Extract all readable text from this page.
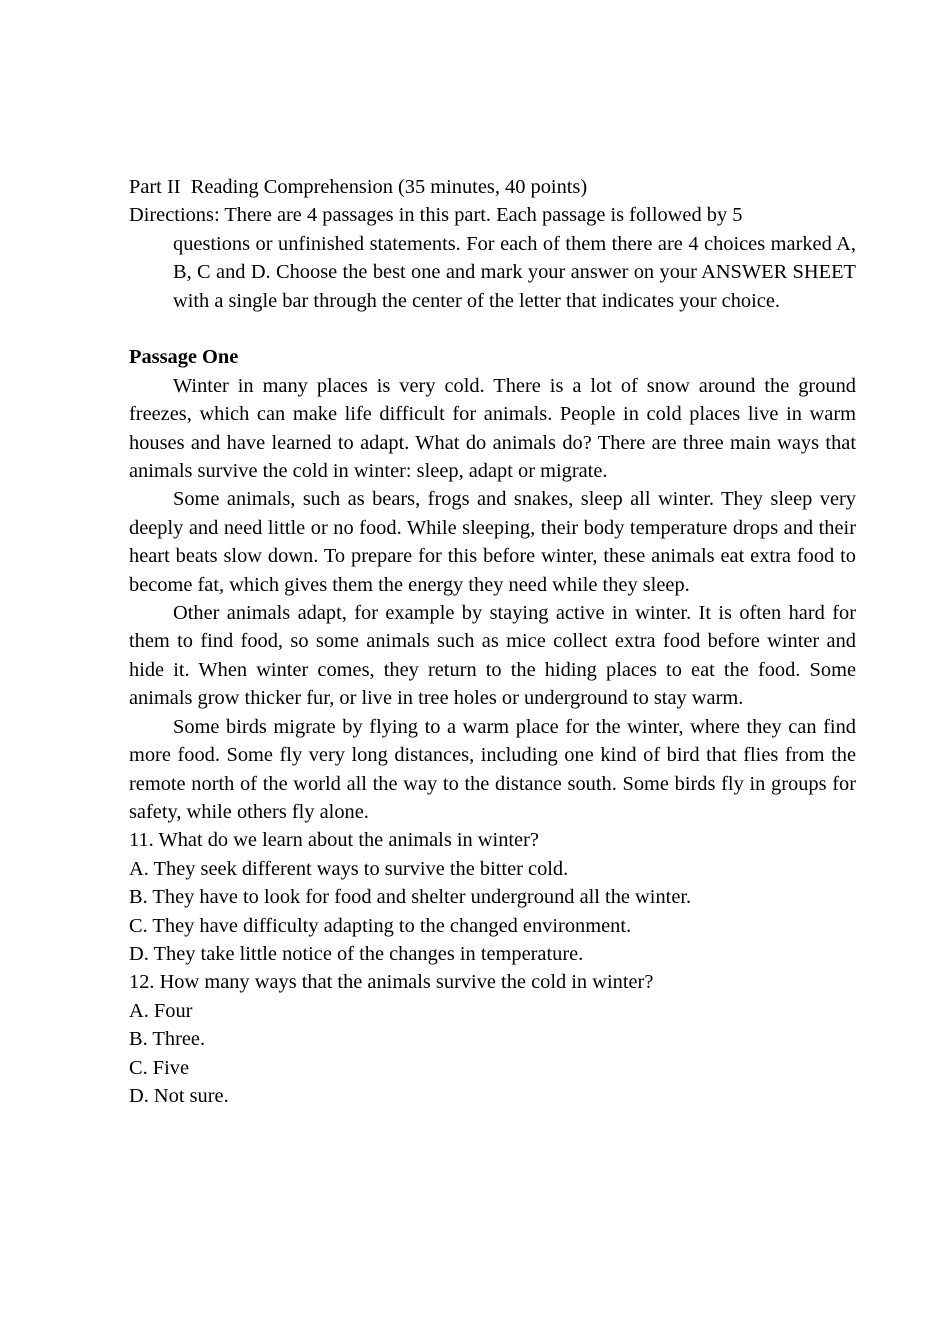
Part II  Reading Comprehension (35 minutes, 40 points)
Directions: There are 4 passages in this part. Each passage is followed by 5
questions or unfinished statements. For each of them there are 4 choices marked A, B, C and D. Choose the best one and mark your answer on your ANSWER SHEET with a single bar through the center of the letter that indicates your choice.
Passage One
Winter in many places is very cold. There is a lot of snow around the ground freezes, which can make life difficult for animals. People in cold places live in warm houses and have learned to adapt. What do animals do? There are three main ways that animals survive the cold in winter: sleep, adapt or migrate.
Some animals, such as bears, frogs and snakes, sleep all winter. They sleep very deeply and need little or no food. While sleeping, their body temperature drops and their heart beats slow down. To prepare for this before winter, these animals eat extra food to become fat, which gives them the energy they need while they sleep.
Other animals adapt, for example by staying active in winter. It is often hard for them to find food, so some animals such as mice collect extra food before winter and hide it. When winter comes, they return to the hiding places to eat the food. Some animals grow thicker fur, or live in tree holes or underground to stay warm.
Some birds migrate by flying to a warm place for the winter, where they can find more food. Some fly very long distances, including one kind of bird that flies from the remote north of the world all the way to the distance south. Some birds fly in groups for safety, while others fly alone.
11. What do we learn about the animals in winter?
A. They seek different ways to survive the bitter cold.
B. They have to look for food and shelter underground all the winter.
C. They have difficulty adapting to the changed environment.
D. They take little notice of the changes in temperature.
12. How many ways that the animals survive the cold in winter?
A. Four
B. Three.
C. Five
D. Not sure.
